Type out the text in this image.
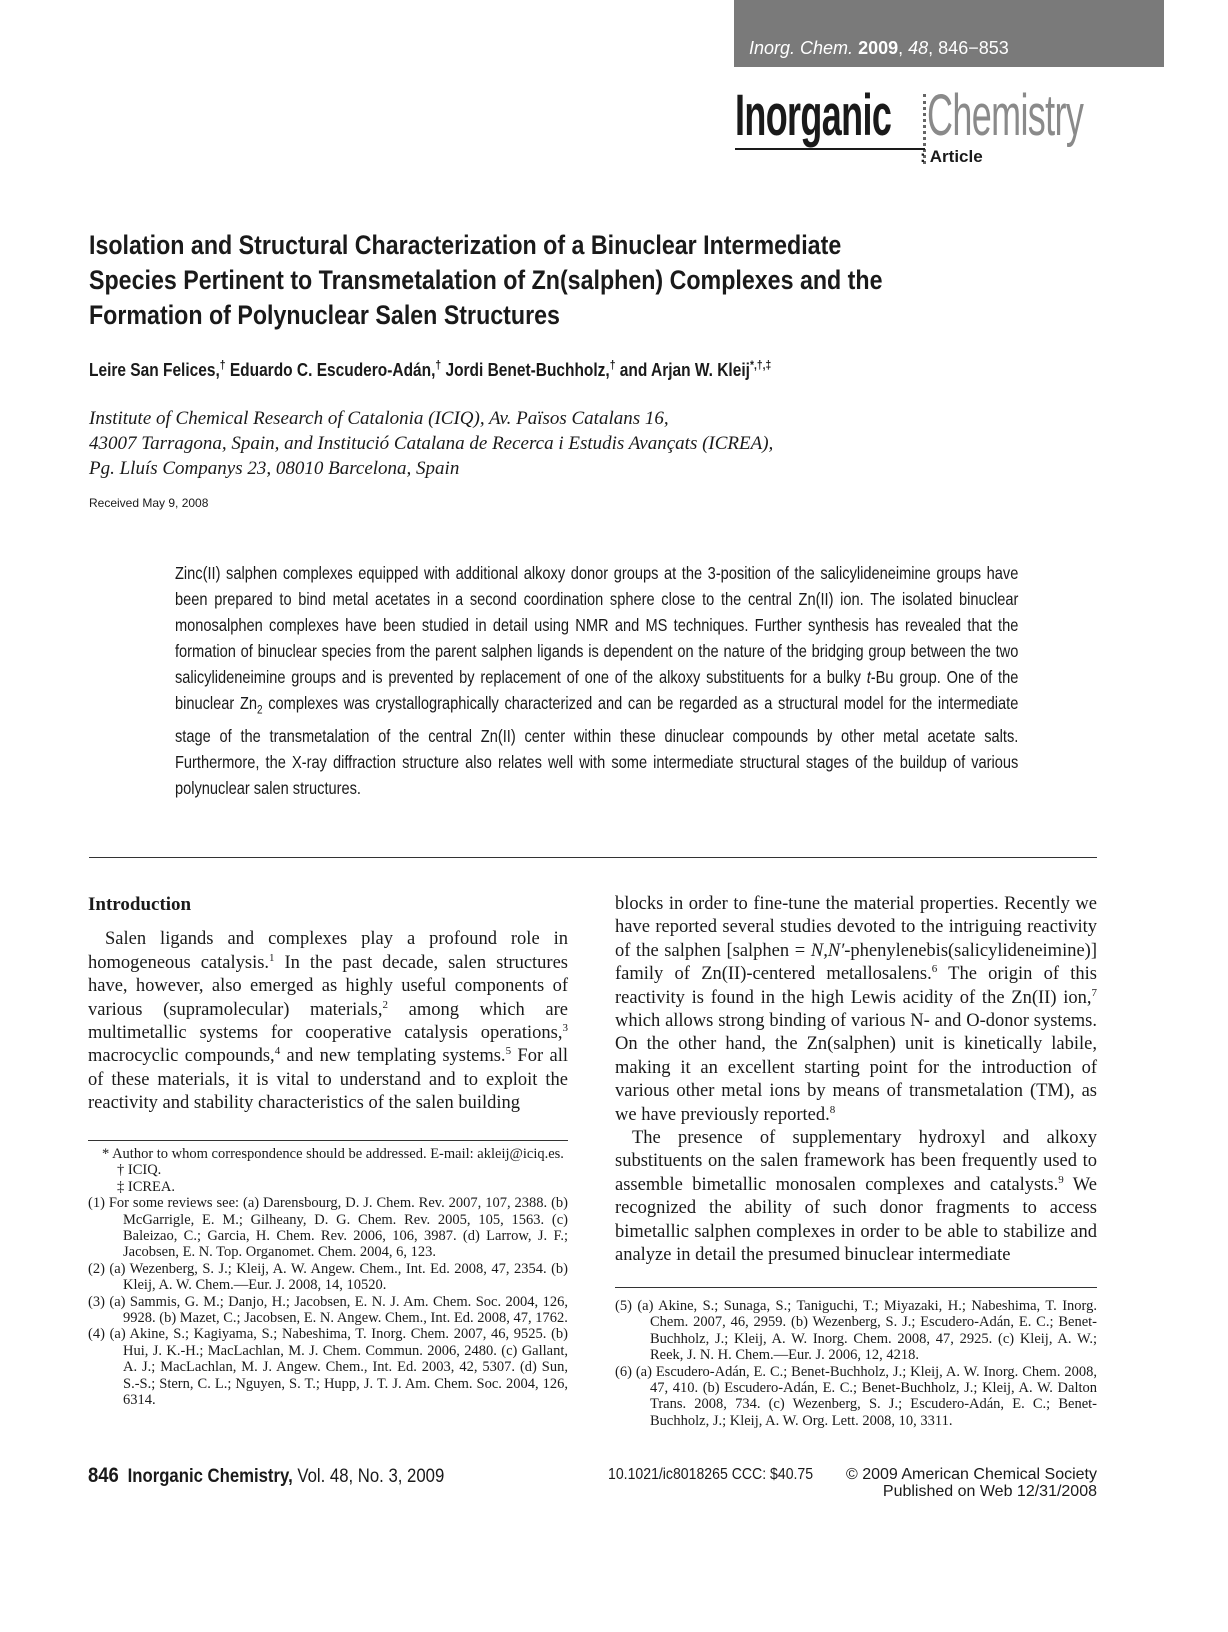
Inorg. Chem. 2009, 48, 846−853
Inorganic Chemistry
: Article
Isolation and Structural Characterization of a Binuclear Intermediate
Species Pertinent to Transmetalation of Zn(salphen) Complexes and the
Formation of Polynuclear Salen Structures
Leire San Felices,† Eduardo C. Escudero-Adán,† Jordi Benet-Buchholz,† and Arjan W. Kleij*,†,‡
Institute of Chemical Research of Catalonia (ICIQ), Av. Països Catalans 16,
43007 Tarragona, Spain, and Institució Catalana de Recerca i Estudis Avançats (ICREA),
Pg. Lluís Companys 23, 08010 Barcelona, Spain
Received May 9, 2008
Zinc(II) salphen complexes equipped with additional alkoxy donor groups at the 3-position of the salicylideneimine groups have been prepared to bind metal acetates in a second coordination sphere close to the central Zn(II) ion. The isolated binuclear monosalphen complexes have been studied in detail using NMR and MS techniques. Further synthesis has revealed that the formation of binuclear species from the parent salphen ligands is dependent on the nature of the bridging group between the two salicylideneimine groups and is prevented by replacement of one of the alkoxy substituents for a bulky t-Bu group. One of the binuclear $Zn_2$ complexes was crystallographically characterized and can be regarded as a structural model for the intermediate stage of the transmetalation of the central Zn(II) center within these dinuclear compounds by other metal acetate salts. Furthermore, the X-ray diffraction structure also relates well with some intermediate structural stages of the buildup of various polynuclear salen structures.
Introduction
Salen ligands and complexes play a profound role in homogeneous catalysis.$^1$ In the past decade, salen structures have, however, also emerged as highly useful components of various (supramolecular) materials,$^2$ among which are multimetallic systems for cooperative catalysis operations,$^3$ macrocyclic compounds,$^4$ and new templating systems.$^5$ For all of these materials, it is vital to understand and to exploit the reactivity and stability characteristics of the salen building
* Author to whom correspondence should be addressed. E-mail: akleij@iciq.es.
† ICIQ.
‡ ICREA.
(1) For some reviews see: (a) Darensbourg, D. J. Chem. Rev. 2007, 107, 2388. (b) McGarrigle, E. M.; Gilheany, D. G. Chem. Rev. 2005, 105, 1563. (c) Baleizao, C.; Garcia, H. Chem. Rev. 2006, 106, 3987. (d) Larrow, J. F.; Jacobsen, E. N. Top. Organomet. Chem. 2004, 6, 123.
(2) (a) Wezenberg, S. J.; Kleij, A. W. Angew. Chem., Int. Ed. 2008, 47, 2354. (b) Kleij, A. W. Chem.—Eur. J. 2008, 14, 10520.
(3) (a) Sammis, G. M.; Danjo, H.; Jacobsen, E. N. J. Am. Chem. Soc. 2004, 126, 9928. (b) Mazet, C.; Jacobsen, E. N. Angew. Chem., Int. Ed. 2008, 47, 1762.
(4) (a) Akine, S.; Kagiyama, S.; Nabeshima, T. Inorg. Chem. 2007, 46, 9525. (b) Hui, J. K.-H.; MacLachlan, M. J. Chem. Commun. 2006, 2480. (c) Gallant, A. J.; MacLachlan, M. J. Angew. Chem., Int. Ed. 2003, 42, 5307. (d) Sun, S.-S.; Stern, C. L.; Nguyen, S. T.; Hupp, J. T. J. Am. Chem. Soc. 2004, 126, 6314.
blocks in order to fine-tune the material properties. Recently we have reported several studies devoted to the intriguing reactivity of the salphen [salphen = N,N′-phenylenebis(salicylideneimine)] family of Zn(II)-centered metallosalens.$^6$ The origin of this reactivity is found in the high Lewis acidity of the Zn(II) ion,$^7$ which allows strong binding of various N- and O-donor systems. On the other hand, the Zn(salphen) unit is kinetically labile, making it an excellent starting point for the introduction of various other metal ions by means of transmetalation (TM), as we have previously reported.$^8$
The presence of supplementary hydroxyl and alkoxy substituents on the salen framework has been frequently used to assemble bimetallic monosalen complexes and catalysts.$^9$ We recognized the ability of such donor fragments to access bimetallic salphen complexes in order to be able to stabilize and analyze in detail the presumed binuclear intermediate
(5) (a) Akine, S.; Sunaga, S.; Taniguchi, T.; Miyazaki, H.; Nabeshima, T. Inorg. Chem. 2007, 46, 2959. (b) Wezenberg, S. J.; Escudero-Adán, E. C.; Benet-Buchholz, J.; Kleij, A. W. Inorg. Chem. 2008, 47, 2925. (c) Kleij, A. W.; Reek, J. N. H. Chem.—Eur. J. 2006, 12, 4218.
(6) (a) Escudero-Adán, E. C.; Benet-Buchholz, J.; Kleij, A. W. Inorg. Chem. 2008, 47, 410. (b) Escudero-Adán, E. C.; Benet-Buchholz, J.; Kleij, A. W. Dalton Trans. 2008, 734. (c) Wezenberg, S. J.; Escudero-Adán, E. C.; Benet-Buchholz, J.; Kleij, A. W. Org. Lett. 2008, 10, 3311.
846 Inorganic Chemistry, Vol. 48, No. 3, 2009	10.1021/ic8018265 CCC: $40.75	© 2009 American Chemical Society
Published on Web 12/31/2008
